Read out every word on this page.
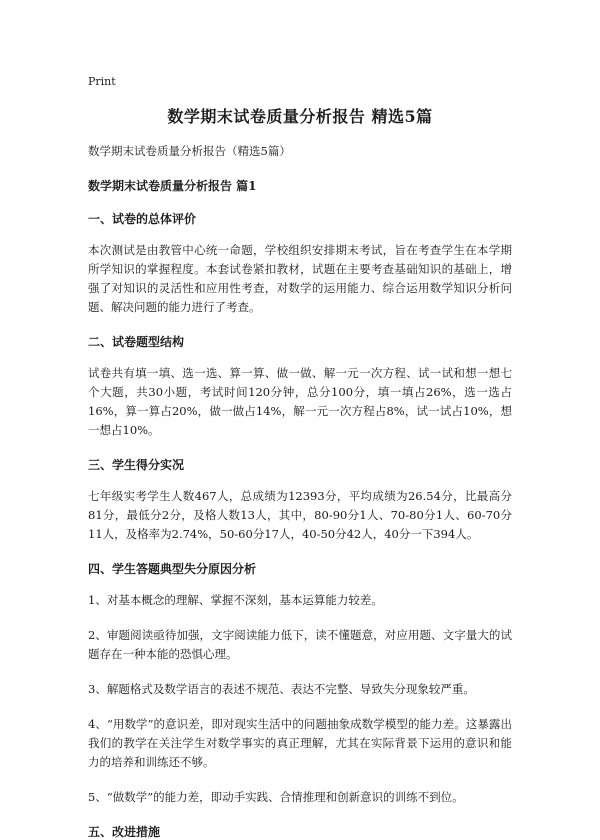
Print
数学期末试卷质量分析报告 精选5篇

数学期末试卷质量分析报告（精选5篇）

数学期末试卷质量分析报告 篇1

一、试卷的总体评价

本次测试是由教管中心统一命题，学校组织安排期末考试，旨在考查学生在本学期所学知识的掌握程度。本套试卷紧扣教材，试题在主要考查基础知识的基础上，增强了对知识的灵活性和应用性考查，对数学的运用能力、综合运用数学知识分析问题、解决问题的能力进行了考查。

二、试卷题型结构

试卷共有填一填、选一选、算一算、做一做、解一元一次方程、试一试和想一想七个大题，共30小题，考试时间120分钟，总分100分，填一填占26%，选一选占16%，算一算占20%，做一做占14%，解一元一次方程占8%，试一试占10%，想一想占10%。

三、学生得分实况

七年级实考学生人数467人，总成绩为12393分，平均成绩为26.54分，比最高分81分，最低分2分，及格人数13人，其中，80-90分1人、70-80分1人、60-70分11人，及格率为2.74%，50-60分17人，40-50分42人，40分一下394人。

四、学生答题典型失分原因分析

1、对基本概念的理解、掌握不深刻，基本运算能力较差。

2、审题阅读亟待加强，文字阅读能力低下，读不懂题意，对应用题、文字量大的试题存在一种本能的恐惧心理。

3、解题格式及数学语言的表述不规范、表达不完整、导致失分现象较严重。

4、“用数学”的意识差，即对现实生活中的问题抽象成数学模型的能力差。这暴露出我们的教学在关注学生对数学事实的真正理解，尤其在实际背景下运用的意识和能力的培养和训练还不够。

5、“做数学”的能力差，即动手实践、合情推理和创新意识的训练不到位。

五、改进措施
